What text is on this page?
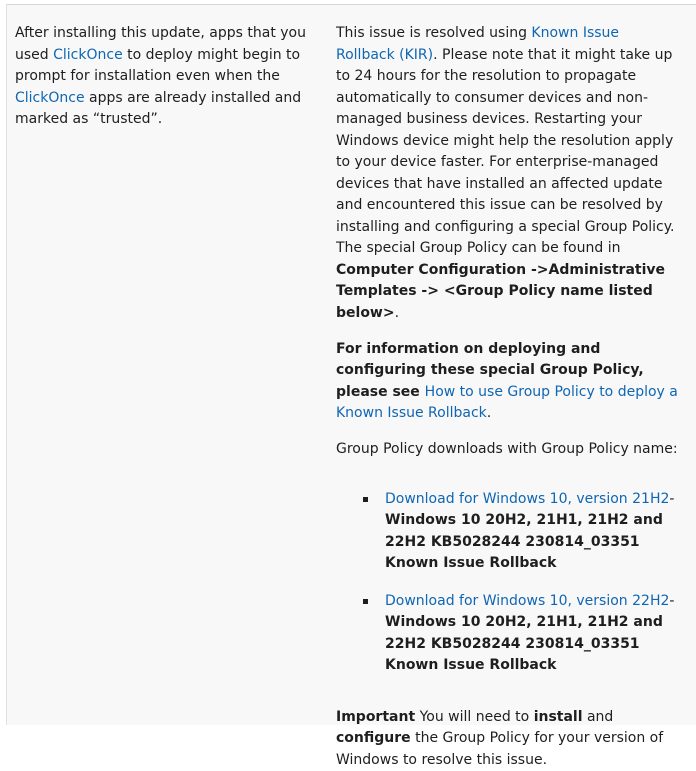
After installing this update, apps that you used ClickOnce to deploy might begin to prompt for installation even when the ClickOnce apps are already installed and marked as “trusted”.

This issue is resolved using Known Issue Rollback (KIR). Please note that it might take up to 24 hours for the resolution to propagate automatically to consumer devices and non-managed business devices. Restarting your Windows device might help the resolution apply to your device faster. For enterprise-managed devices that have installed an affected update and encountered this issue can be resolved by installing and configuring a special Group Policy. The special Group Policy can be found in Computer Configuration ->Administrative Templates -> <Group Policy name listed below>.

For information on deploying and configuring these special Group Policy, please see How to use Group Policy to deploy a Known Issue Rollback.

Group Policy downloads with Group Policy name:

Download for Windows 10, version 21H2-Windows 10 20H2, 21H1, 21H2 and 22H2 KB5028244 230814_03351 Known Issue Rollback
Download for Windows 10, version 22H2-Windows 10 20H2, 21H1, 21H2 and 22H2 KB5028244 230814_03351 Known Issue Rollback

Important You will need to install and configure the Group Policy for your version of Windows to resolve this issue.
